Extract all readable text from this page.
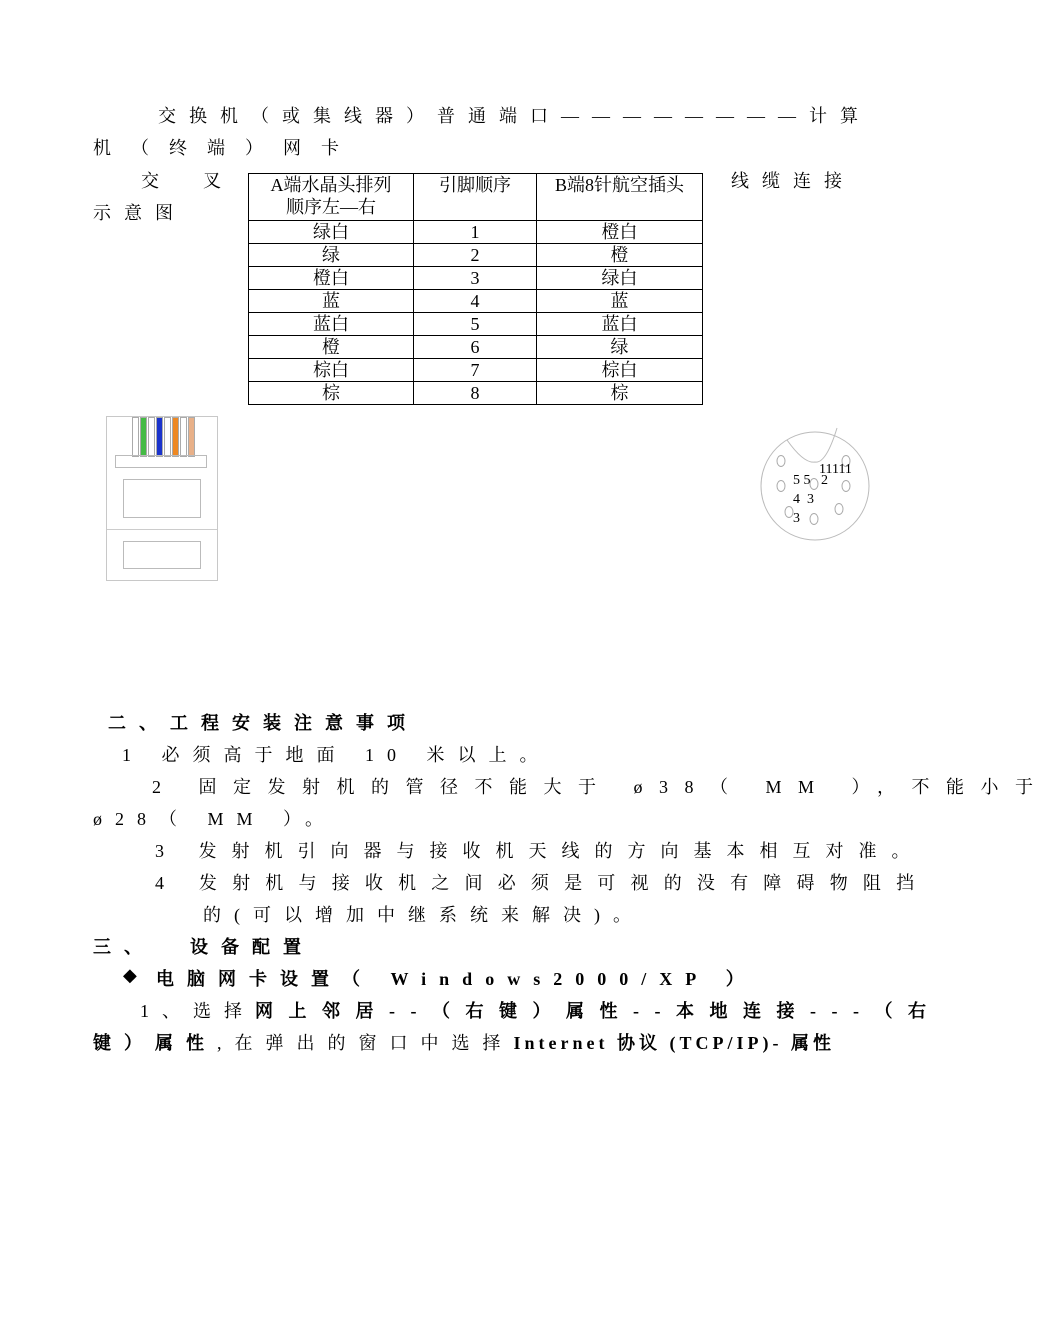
交换机（或集线器）普通端口————————计算
机（终端）网卡
交 叉	线缆连接
示意图
A端水晶头排列顺序左—右	引脚顺序	B端8针航空插头
绿白	1	橙白
绿	2	橙
橙白	3	绿白
蓝	4	蓝
蓝白	5	蓝白
橙	6	绿
棕白	7	棕白
棕	8	棕
11111
5 5   2
4  3
3
二、工程安装注意事项
1 必须高于地面 10 米以上。
2 固定发射机的管径不能大于 ø38（ MM ），不能小于
ø28（ MM ）。
3 发射机引向器与接收机天线的方向基本相互对准。
4 发射机与接收机之间必须是可视的没有障碍物阻挡
的(可以增加中继系统来解决)。
三、  设备配置
◆ 电脑网卡设置（ Windows2000/XP ）
1、选择网上邻居--（右键）属性--本地连接---（右
键）属性,在弹出的窗口中选择Internet 协议 (TCP/IP)- 属性
